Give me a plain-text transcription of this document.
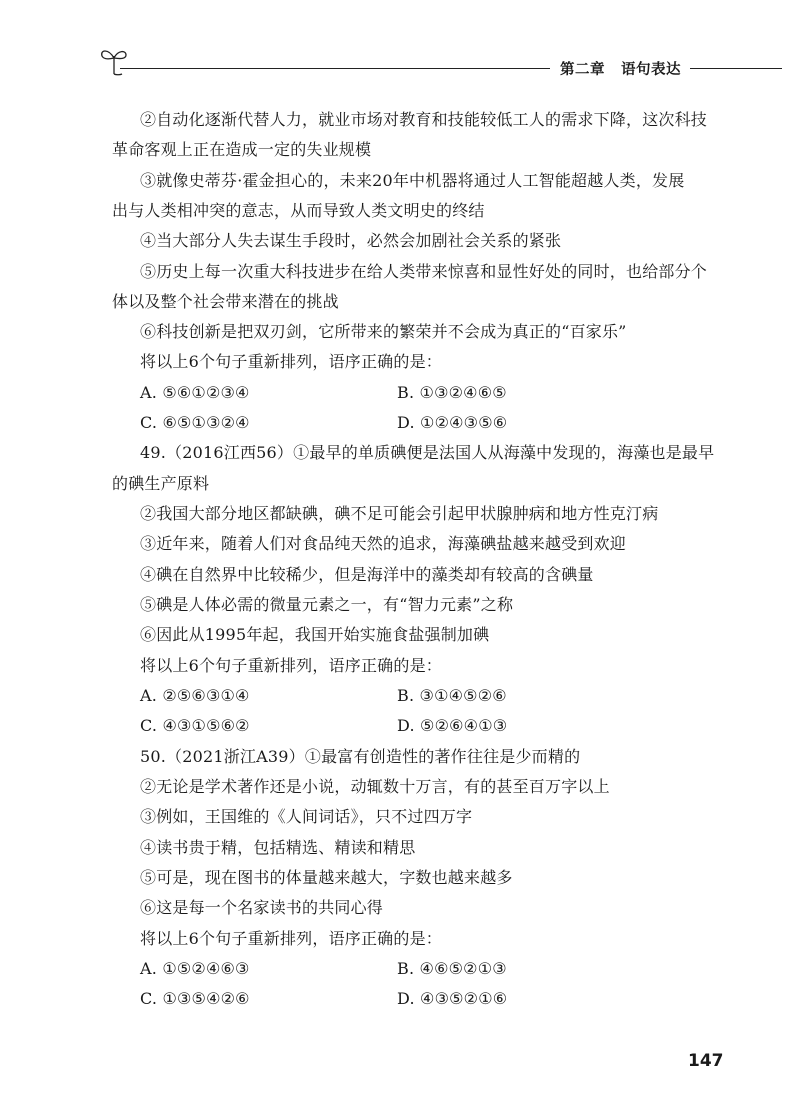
第二章 语句表达
②自动化逐渐代替人力，就业市场对教育和技能较低工人的需求下降，这次科技
革命客观上正在造成一定的失业规模
③就像史蒂芬·霍金担心的，未来20年中机器将通过人工智能超越人类，发展
出与人类相冲突的意志，从而导致人类文明史的终结
④当大部分人失去谋生手段时，必然会加剧社会关系的紧张
⑤历史上每一次重大科技进步在给人类带来惊喜和显性好处的同时，也给部分个
体以及整个社会带来潜在的挑战
⑥科技创新是把双刃剑，它所带来的繁荣并不会成为真正的“百家乐”
将以上6个句子重新排列，语序正确的是：
A. ⑤⑥①②③④	B. ①③②④⑥⑤
C. ⑥⑤①③②④	D. ①②④③⑤⑥
49.（2016江西56）①最早的单质碘便是法国人从海藻中发现的，海藻也是最早
的碘生产原料
②我国大部分地区都缺碘，碘不足可能会引起甲状腺肿病和地方性克汀病
③近年来，随着人们对食品纯天然的追求，海藻碘盐越来越受到欢迎
④碘在自然界中比较稀少，但是海洋中的藻类却有较高的含碘量
⑤碘是人体必需的微量元素之一，有“智力元素”之称
⑥因此从1995年起，我国开始实施食盐强制加碘
将以上6个句子重新排列，语序正确的是：
A. ②⑤⑥③①④	B. ③①④⑤②⑥
C. ④③①⑤⑥②	D. ⑤②⑥④①③
50.（2021浙江A39）①最富有创造性的著作往往是少而精的
②无论是学术著作还是小说，动辄数十万言，有的甚至百万字以上
③例如，王国维的《人间词话》，只不过四万字
④读书贵于精，包括精选、精读和精思
⑤可是，现在图书的体量越来越大，字数也越来越多
⑥这是每一个名家读书的共同心得
将以上6个句子重新排列，语序正确的是：
A. ①⑤②④⑥③	B. ④⑥⑤②①③
C. ①③⑤④②⑥	D. ④③⑤②①⑥
147
